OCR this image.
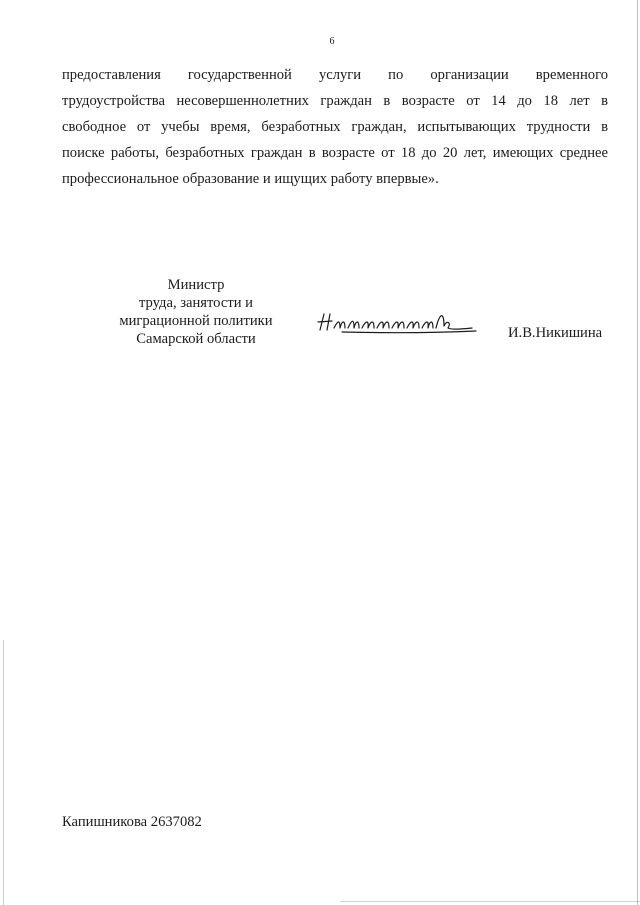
6

предоставления государственной услуги по организации временного
трудоустройства несовершеннолетних граждан в возрасте от 14 до 18 лет в
свободное от учебы время, безработных граждан, испытывающих трудности в
поиске работы, безработных граждан в возрасте от 18 до 20 лет, имеющих среднее
профессиональное образование и ищущих работу впервые».

Министр
труда, занятости и
миграционной политики
Самарской области	И.В.Никишина
Капишникова 2637082
